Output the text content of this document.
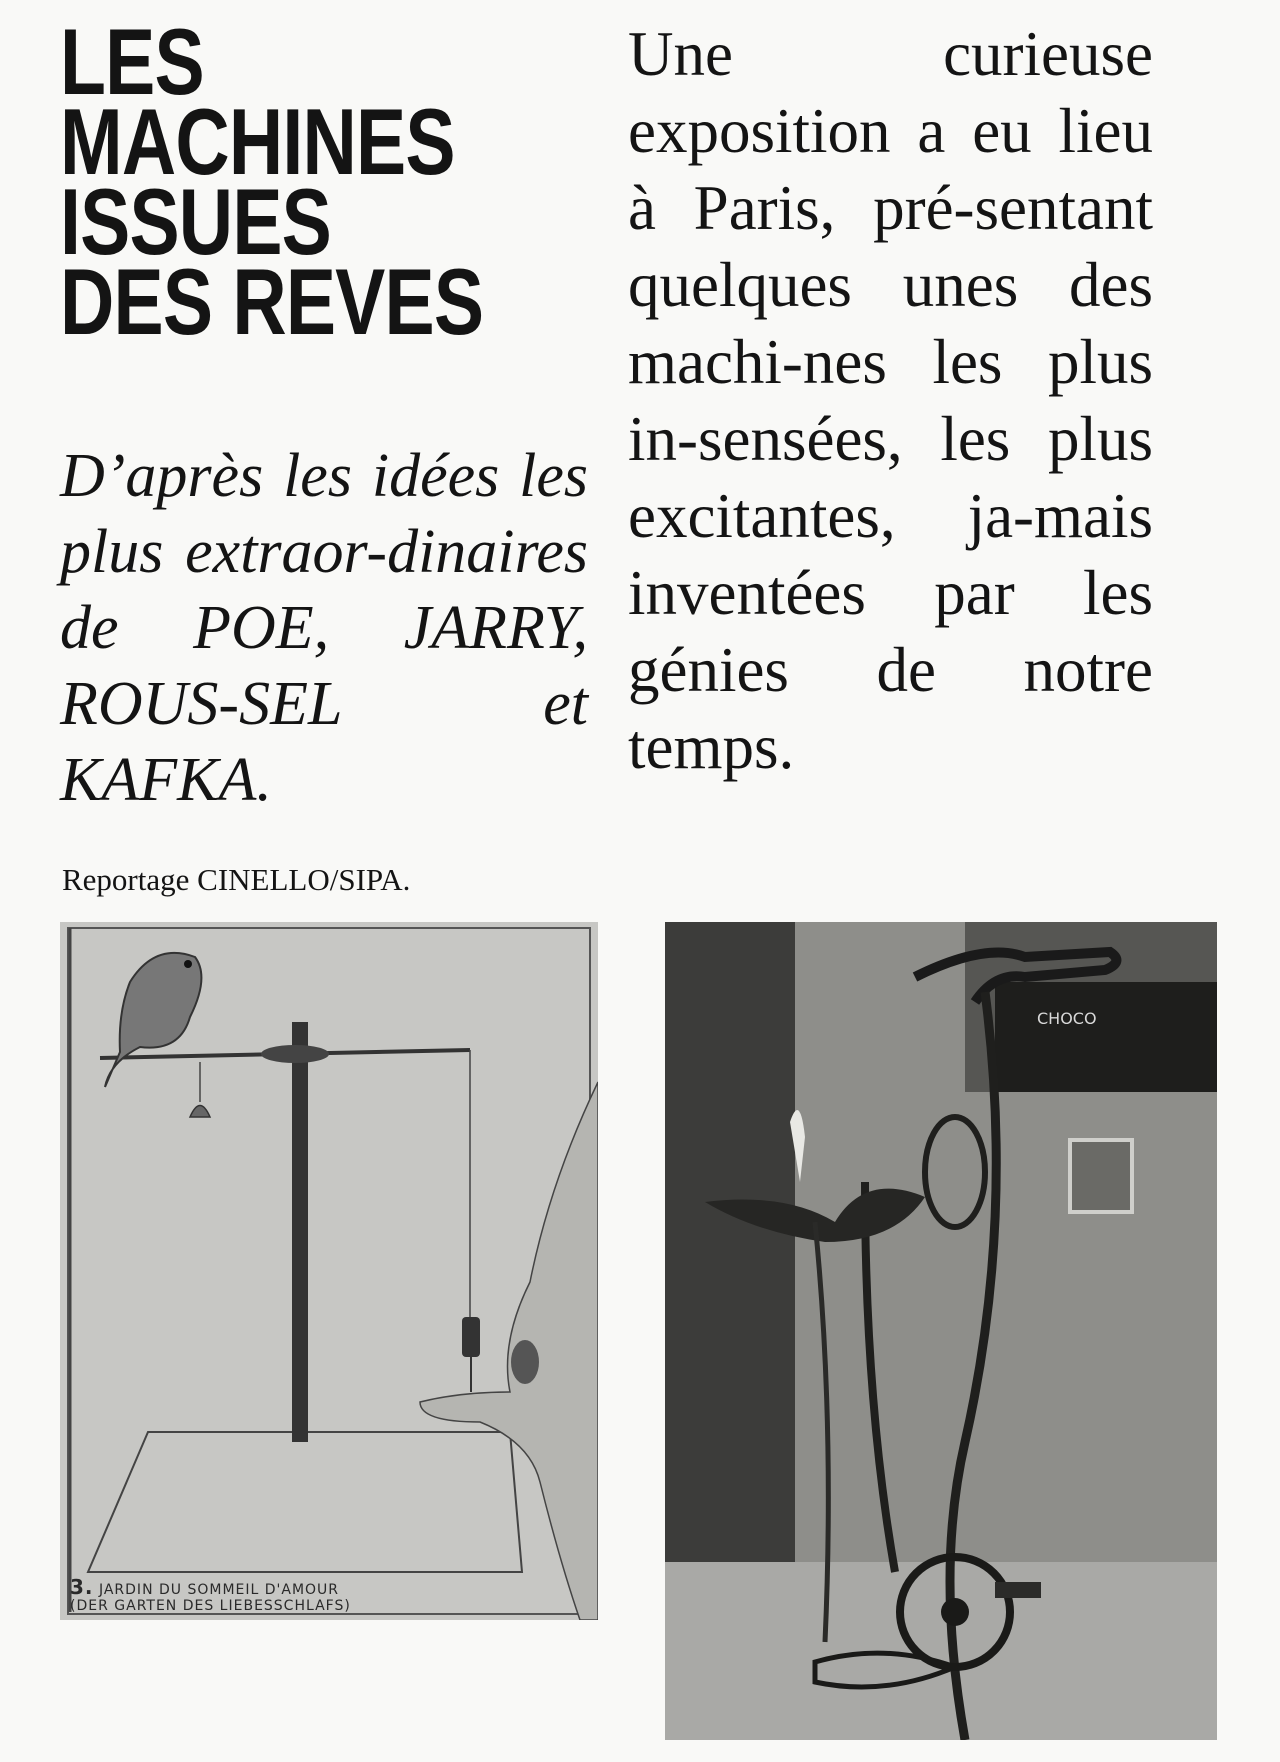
LES
MACHINES
ISSUES
DES REVES

D’après les idées les plus extraor-dinaires de POE, JARRY, ROUS-SEL et KAFKA.

Reportage CINELLO/SIPA.

Une curieuse exposition a eu lieu à Paris, pré-sentant quelques unes des machi-nes les plus in-sensées, les plus excitantes, ja-mais inventées par les génies de notre temps.

3. JARDIN DU SOMMEIL D'AMOUR
(DER GARTEN DES LIEBESSCHLAFS)
CHOCO
